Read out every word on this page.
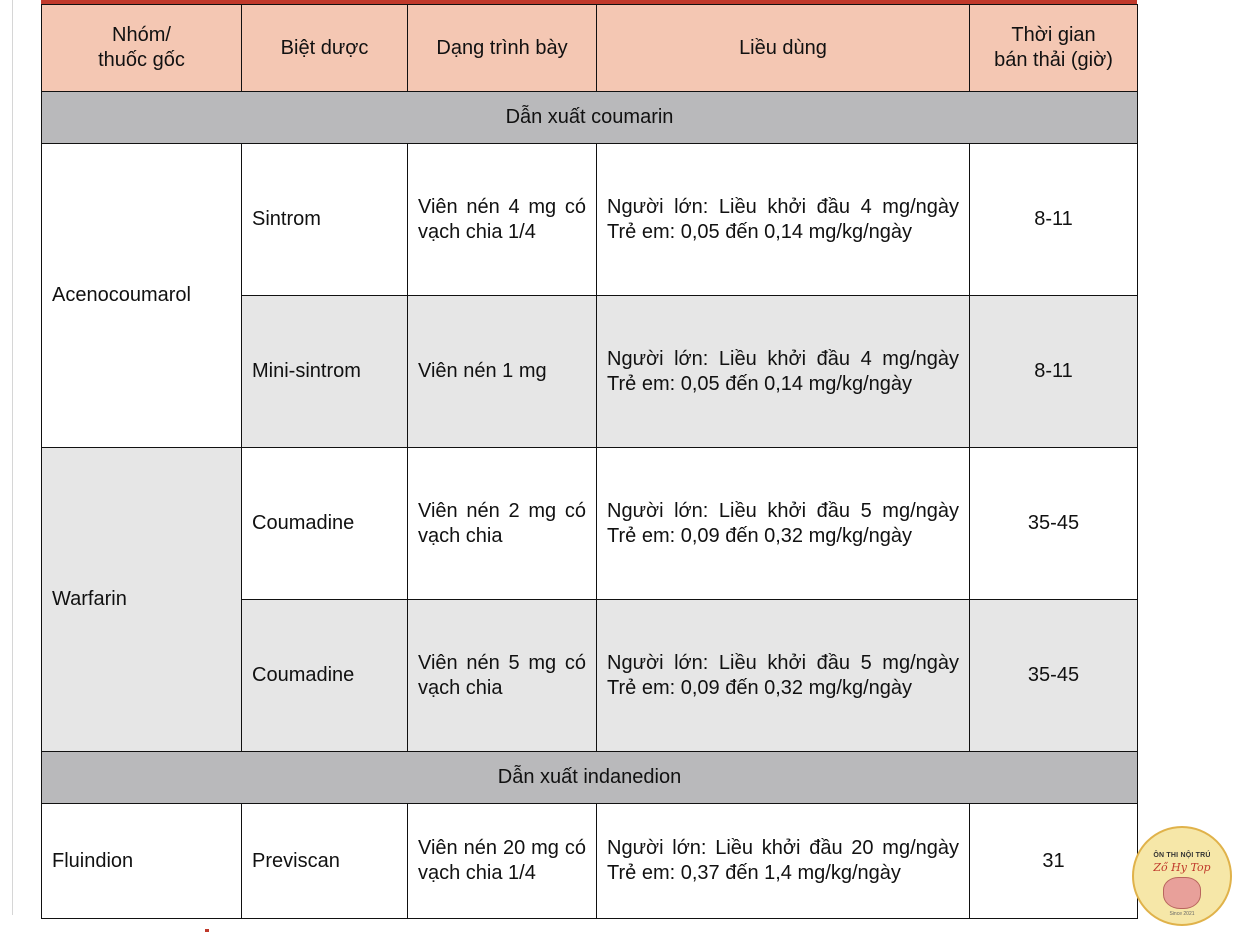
Nhóm/
thuốc gốc	Biệt dược	Dạng trình bày	Liều dùng	Thời gian
bán thải (giờ)
Dẫn xuất coumarin				
Acenocoumarol	Sintrom	Viên nén 4 mg có vạch chia 1/4	Người lớn: Liều khởi đầu 4 mg/ngày
Trẻ em: 0,05 đến 0,14 mg/kg/ngày	8-11
	Mini-sintrom	Viên nén 1 mg	Người lớn: Liều khởi đầu 4 mg/ngày
Trẻ em: 0,05 đến 0,14 mg/kg/ngày	8-11
Warfarin	Coumadine	Viên nén 2 mg có vạch chia	Người lớn: Liều khởi đầu 5 mg/ngày
Trẻ em: 0,09 đến 0,32 mg/kg/ngày	35-45
	Coumadine	Viên nén 5 mg có vạch chia	Người lớn: Liều khởi đầu 5 mg/ngày
Trẻ em: 0,09 đến 0,32 mg/kg/ngày	35-45
Dẫn xuất indanedion				
Fluindion	Previscan	Viên nén 20 mg có vạch chia 1/4	Người lớn: Liều khởi đầu 20 mg/ngày
Trẻ em: 0,37 đến 1,4 mg/kg/ngày	31	ÔN THI NỘI TRÚ
Ző Hy Top
Since 2021
